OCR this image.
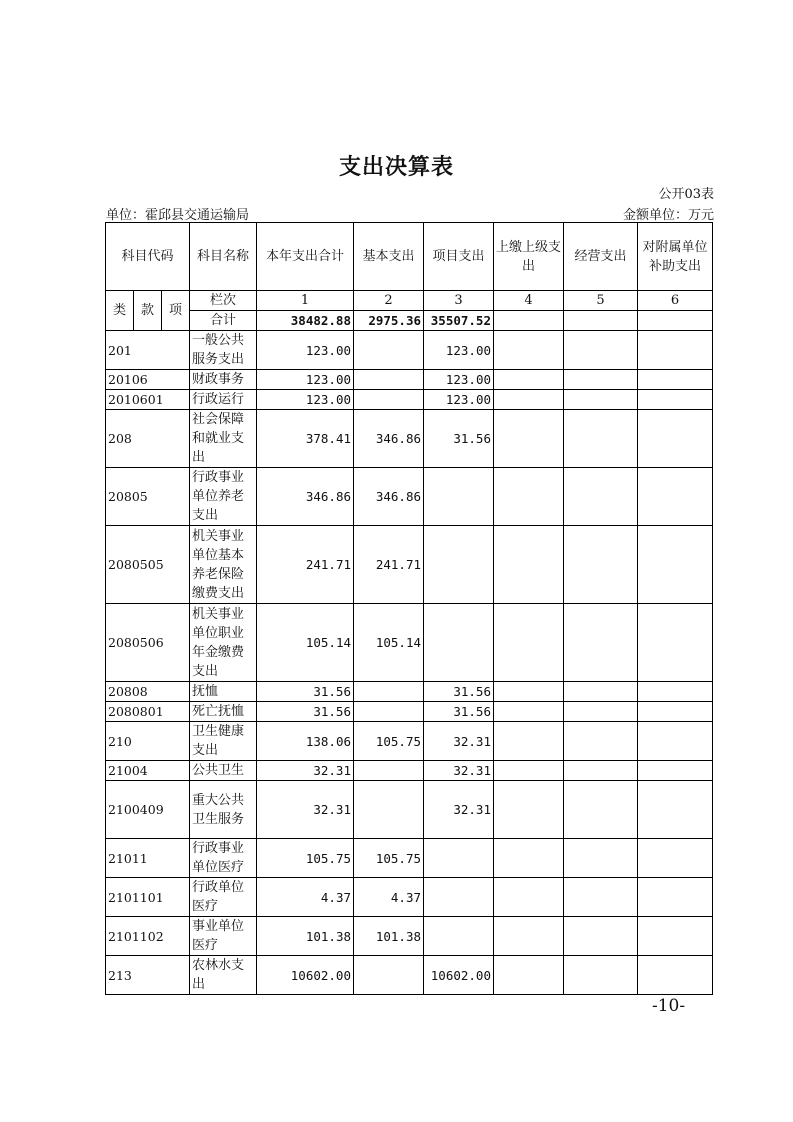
支出决算表
公开03表
单位：霍邱县交通运输局	金额单位：万元
科目代码			科目名称	本年支出合计	基本支出	项目支出	上缴上级支出	经营支出	对附属单位补助支出
类	款	项	栏次	1	2	3	4	5	6
			合计	38482.88	2975.36	35507.52			
201			一般公共服务支出	123.00		123.00			
20106			财政事务	123.00		123.00			
2010601			行政运行	123.00		123.00			
208			社会保障和就业支出	378.41	346.86	31.56			
20805			行政事业单位养老支出	346.86	346.86				
2080505			机关事业单位基本养老保险缴费支出	241.71	241.71				
2080506			机关事业单位职业年金缴费支出	105.14	105.14				
20808			抚恤	31.56		31.56			
2080801			死亡抚恤	31.56		31.56			
210			卫生健康支出	138.06	105.75	32.31			
21004			公共卫生	32.31		32.31			
2100409			重大公共卫生服务	32.31		32.31			
21011			行政事业单位医疗	105.75	105.75				
2101101			行政单位医疗	4.37	4.37				
2101102			事业单位医疗	101.38	101.38				
213			农林水支出	10602.00		10602.00			
-10-
